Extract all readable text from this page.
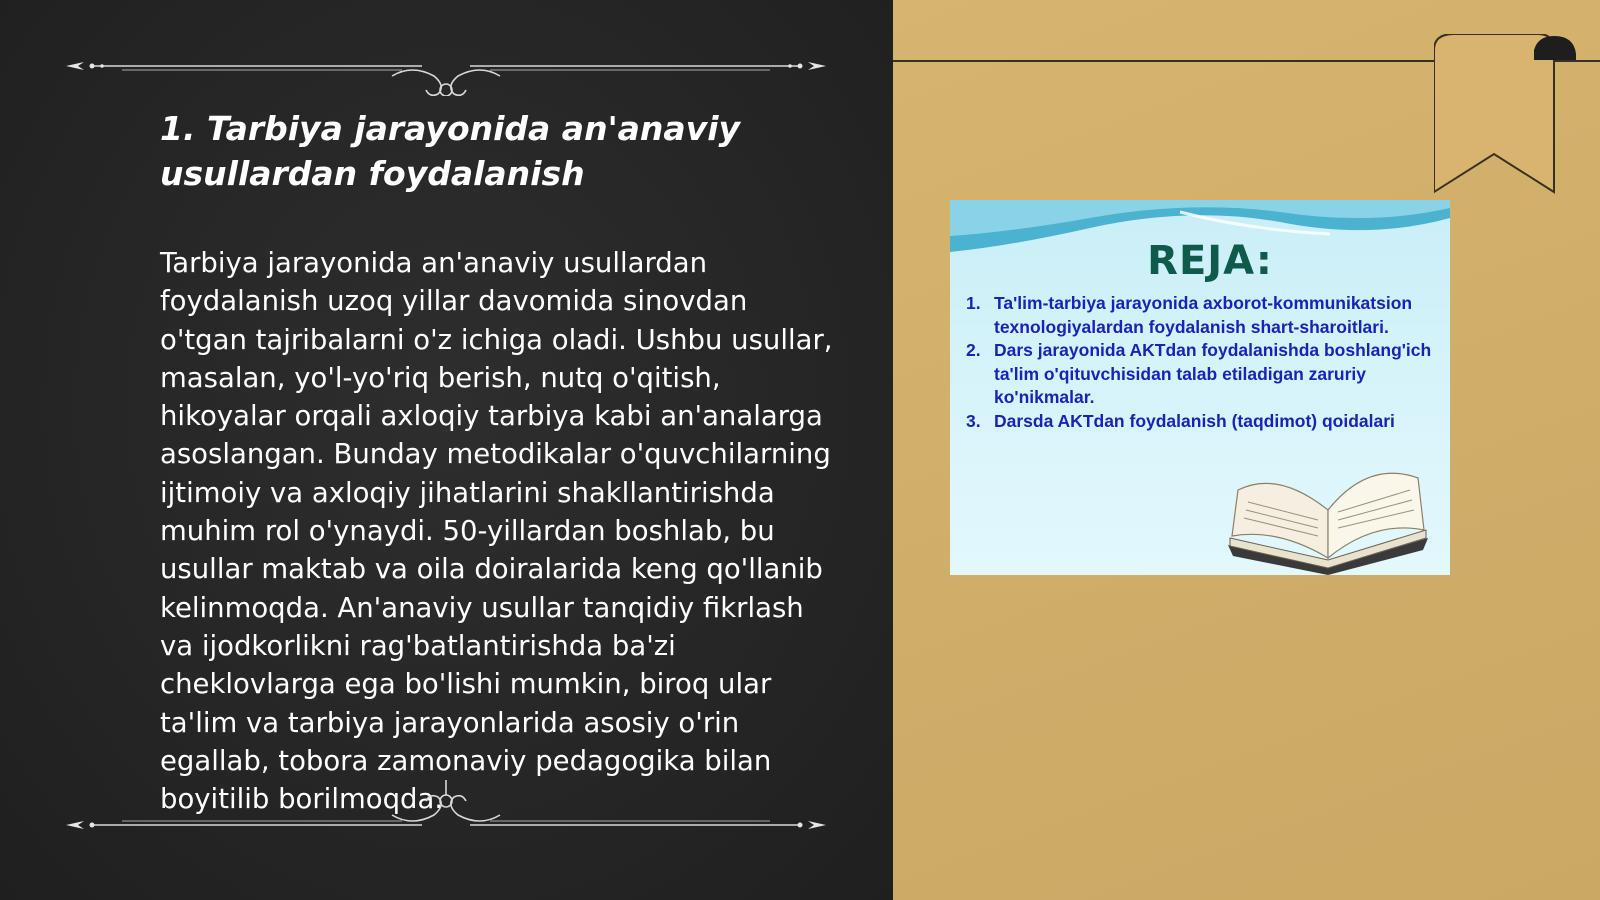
1. Tarbiya jarayonida an'anaviy usullardan foydalanish

Tarbiya jarayonida an'anaviy usullardan foydalanish uzoq yillar davomida sinovdan o'tgan tajribalarni o'z ichiga oladi. Ushbu usullar, masalan, yo'l-yo'riq berish, nutq o'qitish, hikoyalar orqali axloqiy tarbiya kabi an'analarga asoslangan. Bunday metodikalar o'quvchilarning ijtimoiy va axloqiy jihatlarini shakllantirishda muhim rol o'ynaydi. 50-yillardan boshlab, bu usullar maktab va oila doiralarida keng qo'llanib kelinmoqda. An'anaviy usullar tanqidiy fikrlash va ijodkorlikni rag'batlantirishda ba'zi cheklovlarga ega bo'lishi mumkin, biroq ular ta'lim va tarbiya jarayonlarida asosiy o'rin egallab, tobora zamonaviy pedagogika bilan boyitilib borilmoqda.

REJA:
1. Ta'lim-tarbiya jarayonida axborot-kommunikatsion texnologiyalardan foydalanish shart-sharoitlari.
2. Dars jarayonida AKTdan foydalanishda boshlang'ich ta'lim o'qituvchisidan talab etiladigan zaruriy ko'nikmalar.
3. Darsda AKTdan foydalanish (taqdimot) qoidalari
